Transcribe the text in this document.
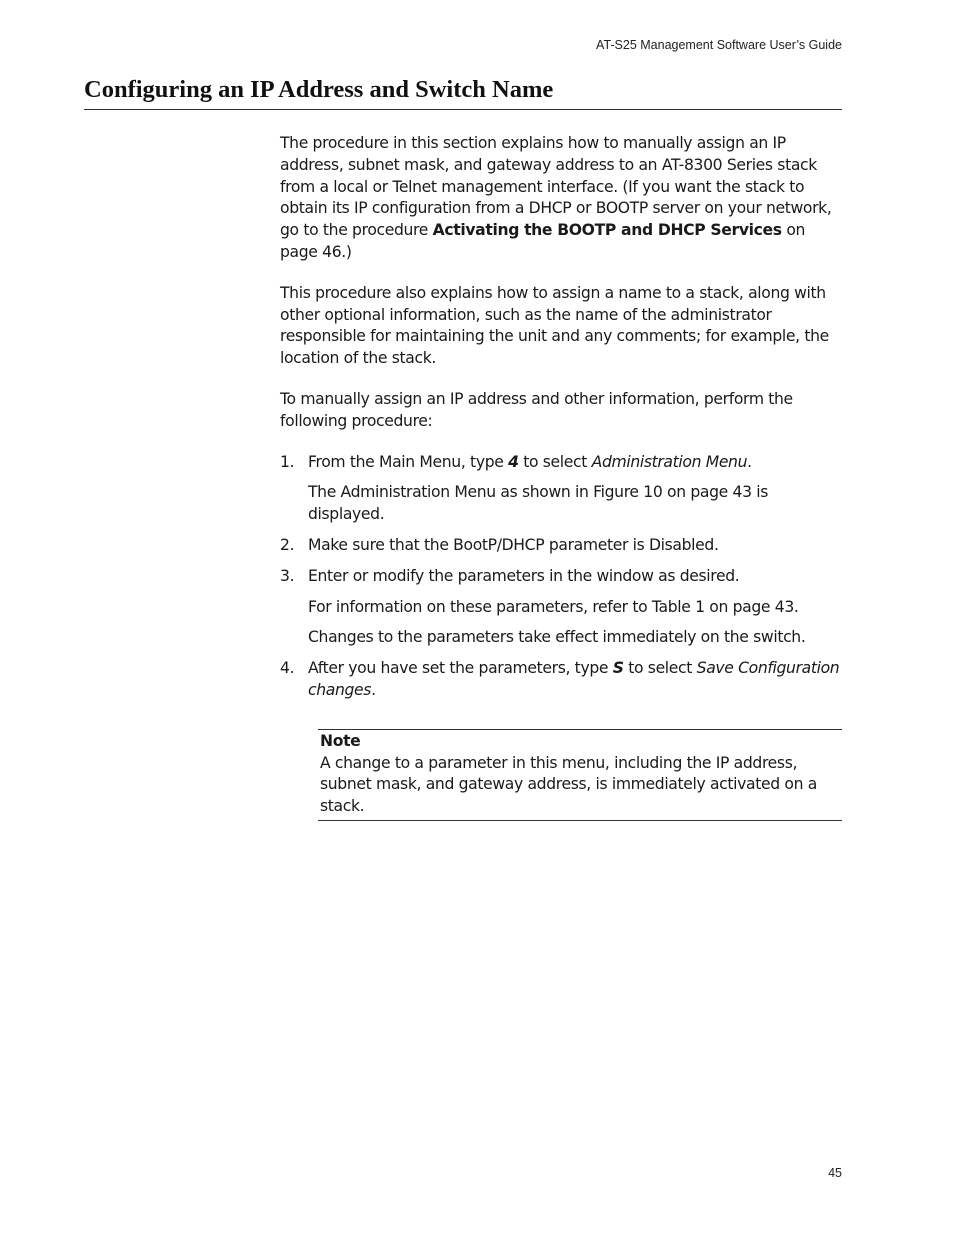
AT-S25 Management Software User’s Guide
Configuring an IP Address and Switch Name

The procedure in this section explains how to manually assign an IP address, subnet mask, and gateway address to an AT-8300 Series stack from a local or Telnet management interface. (If you want the stack to obtain its IP configuration from a DHCP or BOOTP server on your network, go to the procedure Activating the BOOTP and DHCP Services on page 46.)

This procedure also explains how to assign a name to a stack, along with other optional information, such as the name of the administrator responsible for maintaining the unit and any comments; for example, the location of the stack.

To manually assign an IP address and other information, perform the following procedure:

1. From the Main Menu, type 4 to select Administration Menu.

The Administration Menu as shown in Figure 10 on page 43 is displayed.

2. Make sure that the BootP/DHCP parameter is Disabled.

3. Enter or modify the parameters in the window as desired.

For information on these parameters, refer to Table 1 on page 43.

Changes to the parameters take effect immediately on the switch.

4. After you have set the parameters, type S to select Save Configuration changes.

Note

A change to a parameter in this menu, including the IP address, subnet mask, and gateway address, is immediately activated on a stack.

45
